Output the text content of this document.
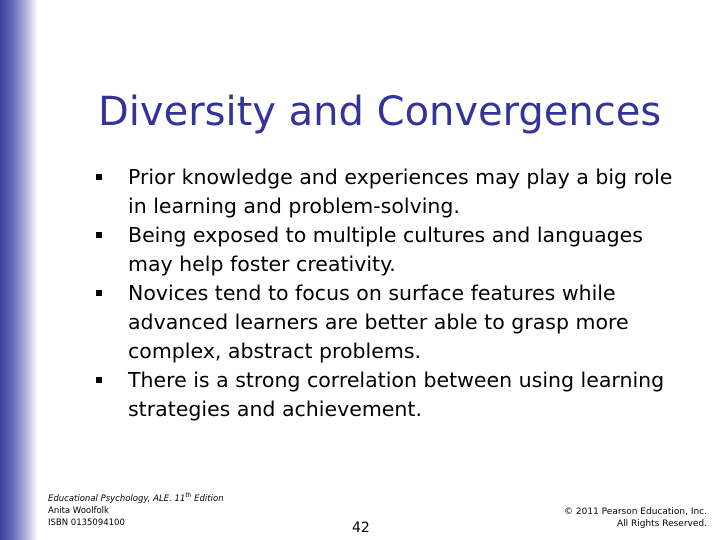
Diversity and Convergences
Prior knowledge and experiences may play a big role in learning and problem-solving.
Being exposed to multiple cultures and languages may help foster creativity.
Novices tend to focus on surface features while advanced learners are better able to grasp more complex, abstract problems.
There is a strong correlation between using learning strategies and achievement.
Educational Psychology, ALE. 11th Edition
Anita Woolfolk
ISBN 0135094100	42
© 2011 Pearson Education, Inc.
All Rights Reserved.
